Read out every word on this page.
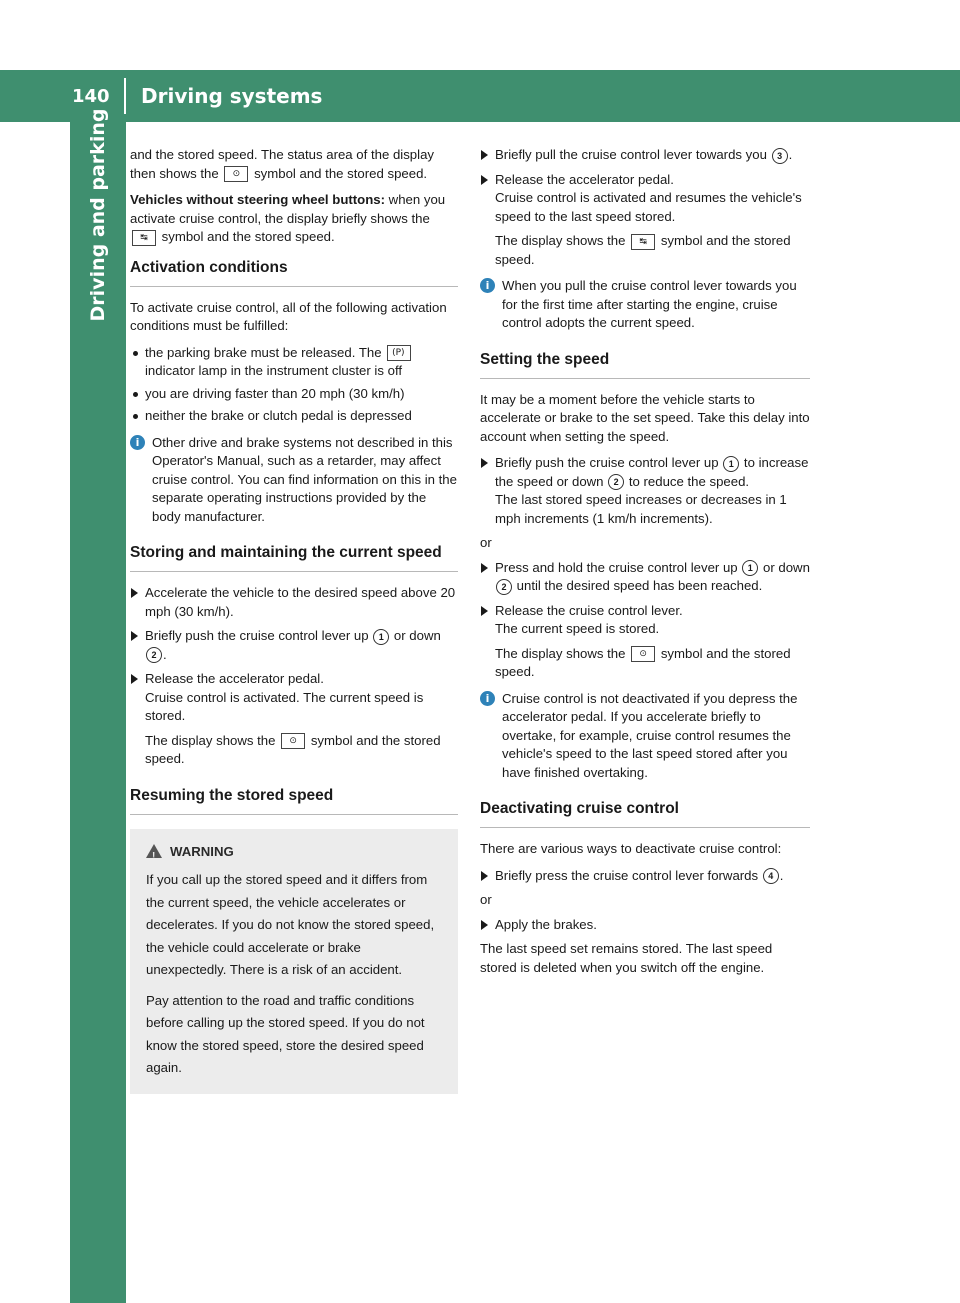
140 Driving systems
Driving and parking and the stored speed. The status area of the display then shows the ⊙ symbol and the stored speed.

Vehicles without steering wheel buttons: when you activate cruise control, the display briefly shows the ↹ symbol and the stored speed.

Activation conditions

To activate cruise control, all of the following activation conditions must be fulfilled:

the parking brake must be released. The (P)  indicator lamp in the instrument cluster is off
you are driving faster than 20 mph (30 km/h)
neither the brake or clutch pedal is depressed
i Other drive and brake systems not described in this Operator's Manual, such as a retarder, may affect cruise control. You can find information on this in the separate operating instructions provided by the body manufacturer.
Storing and maintaining the current speed
Accelerate the vehicle to the desired speed above 20 mph (30 km/h).
Briefly push the cruise control lever up 1 or down 2 .
Release the accelerator pedal.
Cruise control is activated. The current speed is stored.
The display shows the ⊙ symbol and the stored speed.
Resuming the stored speed
!
WARNING

If you call up the stored speed and it differs from the current speed, the vehicle accelerates or decelerates. If you do not know the stored speed, the vehicle could accelerate or brake unexpectedly. There is a risk of an accident.

Pay attention to the road and traffic conditions before calling up the stored speed. If you do not know the stored speed, store the desired speed again.

Briefly pull the cruise control lever towards you 3 .
Release the accelerator pedal.
Cruise control is activated and resumes the vehicle's speed to the last speed stored.
The display shows the ↹ symbol and the stored speed.
i When you pull the cruise control lever towards you for the first time after starting the engine, cruise control adopts the current speed.
Setting the speed

It may be a moment before the vehicle starts to accelerate or brake to the set speed. Take this delay into account when setting the speed.

Briefly push the cruise control lever up 1 to increase the speed or down 2 to reduce the speed.
The last stored speed increases or decreases in 1 mph increments (1 km/h increments).

or

Press and hold the cruise control lever up 1 or down 2 until the desired speed has been reached.
Release the cruise control lever.
The current speed is stored.
The display shows the ⊙ symbol and the stored speed.
i Cruise control is not deactivated if you depress the accelerator pedal. If you accelerate briefly to overtake, for example, cruise control resumes the vehicle's speed to the last speed stored after you have finished overtaking.
Deactivating cruise control

There are various ways to deactivate cruise control:

Briefly press the cruise control lever forwards 4 .

or

Apply the brakes.

The last speed set remains stored. The last speed stored is deleted when you switch off the engine.
